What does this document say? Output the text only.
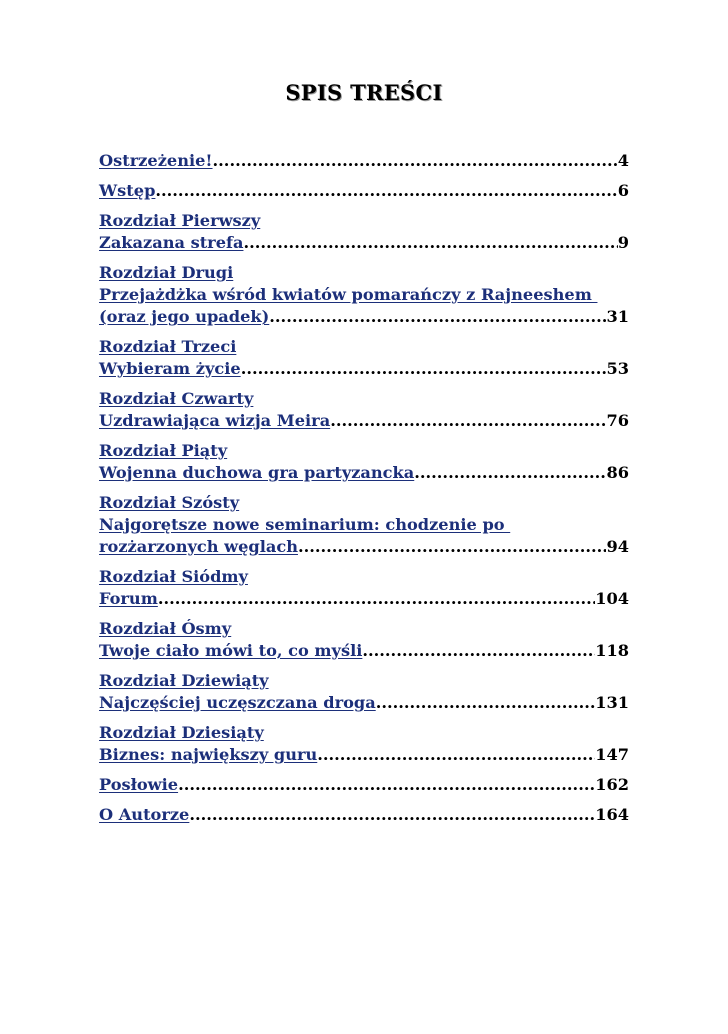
SPIS TREŚCI
Ostrzeżenie! .....	4
Wstęp .....	6
Rozdział Pierwszy
Zakazana strefa .....	9
Rozdział Drugi
Przejażdżka wśród kwiatów pomarańczy z Rajneeshem
(oraz jego upadek) .....	31
Rozdział Trzeci
Wybieram życie .....	53
Rozdział Czwarty
Uzdrawiająca wizja Meira .....	76
Rozdział Piąty
Wojenna duchowa gra partyzancka .....	86
Rozdział Szósty
Najgorętsze nowe seminarium: chodzenie po
rozżarzonych węglach .....	94
Rozdział Siódmy
Forum .....	104
Rozdział Ósmy
Twoje ciało mówi to, co myśli .....	118
Rozdział Dziewiąty
Najczęściej uczęszczana droga .....	131
Rozdział Dziesiąty
Biznes: największy guru .....	147
Posłowie .....	162
O Autorze .....	164
